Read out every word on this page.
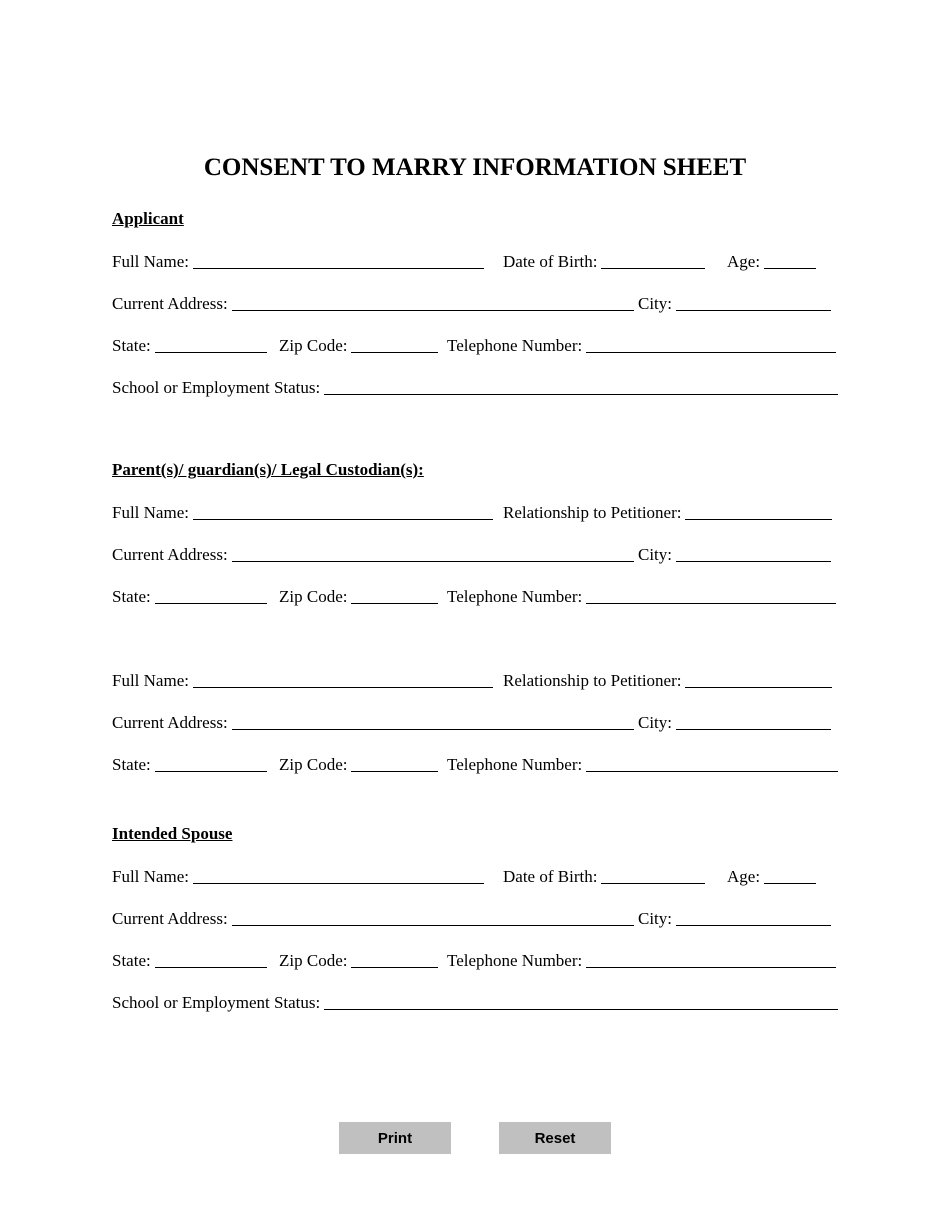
CONSENT TO MARRY INFORMATION SHEET
Applicant
Full Name:	Date of Birth:	Age:
Current Address:	City:
State:	Zip Code:	Telephone Number:
School or Employment Status:
Parent(s)/ guardian(s)/ Legal Custodian(s):
Full Name:	Relationship to Petitioner:
Current Address:	City:
State:	Zip Code:	Telephone Number:
Full Name:	Relationship to Petitioner:
Current Address:	City:
State:	Zip Code:	Telephone Number:
Intended Spouse
Full Name:	Date of Birth:	Age:
Current Address:	City:
State:	Zip Code:	Telephone Number:
School or Employment Status:
Print	Reset
